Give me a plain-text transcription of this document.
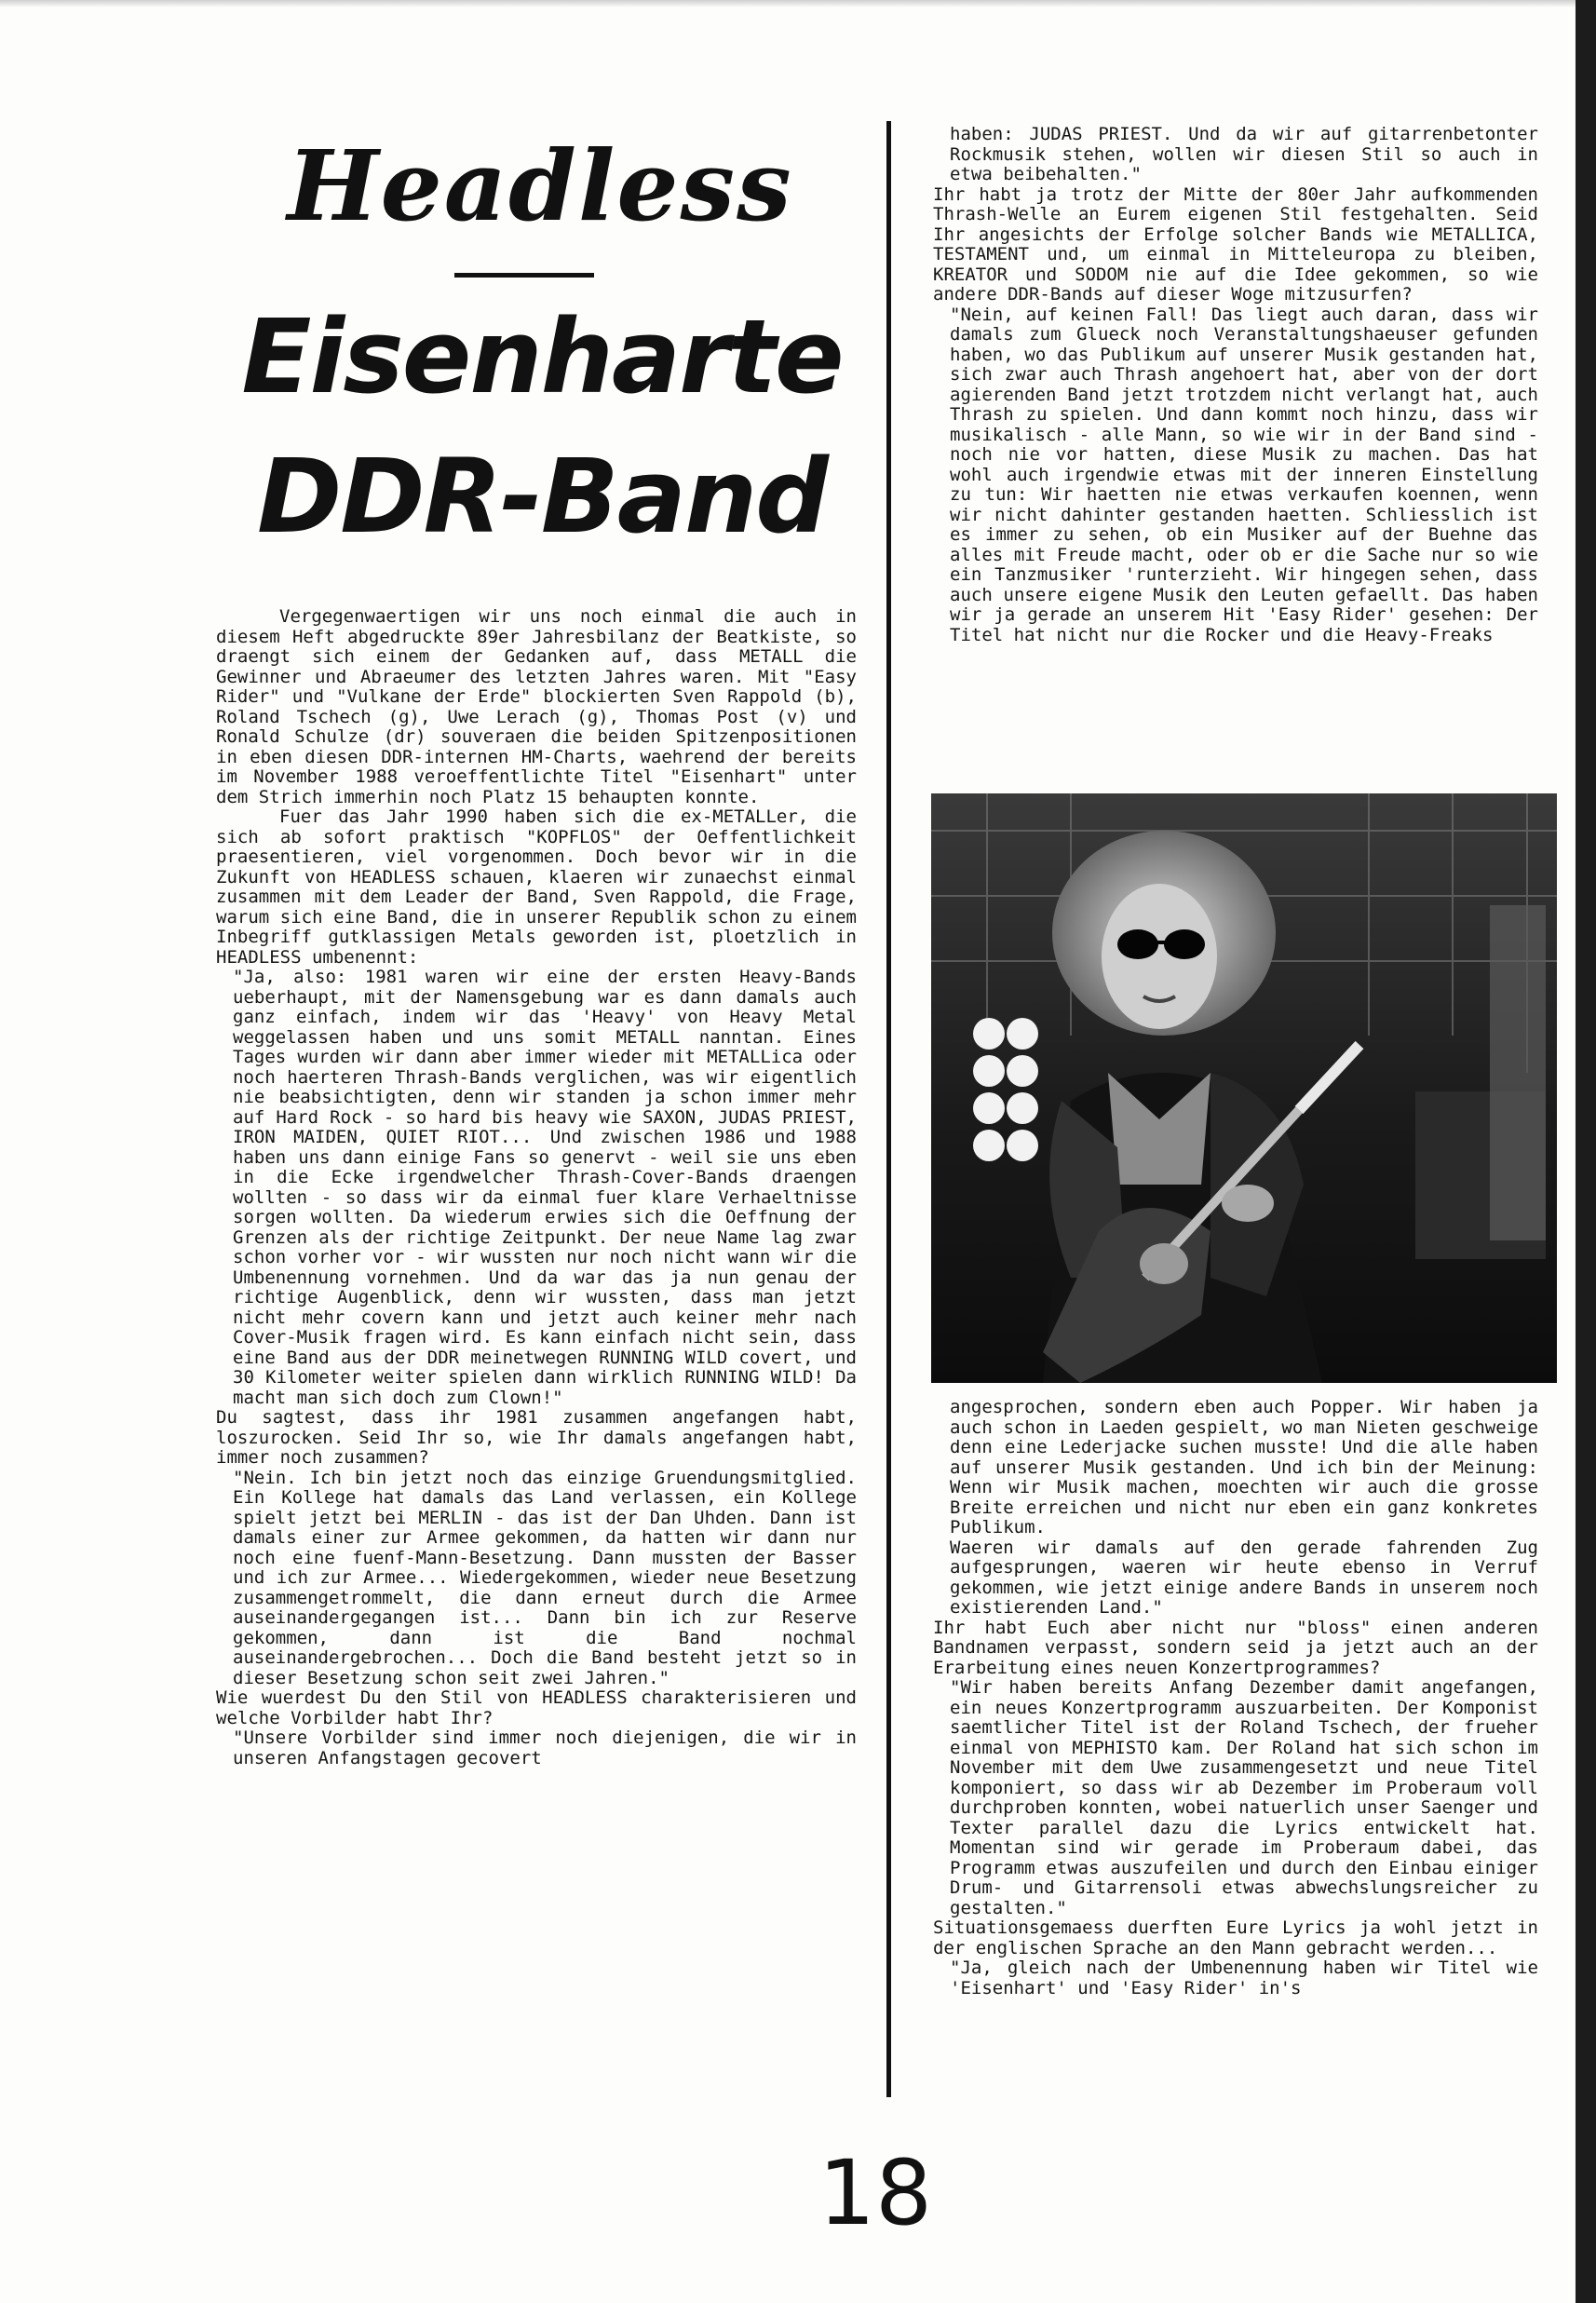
Headless
Eisenharte
DDR-Band

Vergegenwaertigen wir uns noch einmal die auch in diesem Heft abgedruckte 89er Jahresbilanz der Beatkiste, so draengt sich einem der Gedanken auf, dass METALL die Gewinner und Abraeumer des letzten Jahres waren. Mit "Easy Rider" und "Vulkane der Erde" blockierten Sven Rappold (b), Roland Tschech (g), Uwe Lerach (g), Thomas Post (v) und Ronald Schulze (dr) souveraen die beiden Spitzenpositionen in eben diesen DDR-internen HM-Charts, waehrend der bereits im November 1988 veroeffentlichte Titel "Eisenhart" unter dem Strich immerhin noch Platz 15 behaupten konnte.

Fuer das Jahr 1990 haben sich die ex-METALLer, die sich ab sofort praktisch "KOPFLOS" der Oeffentlichkeit praesentieren, viel vorgenommen. Doch bevor wir in die Zukunft von HEADLESS schauen, klaeren wir zunaechst einmal zusammen mit dem Leader der Band, Sven Rappold, die Frage, warum sich eine Band, die in unserer Republik schon zu einem Inbegriff gutklassigen Metals geworden ist, ploetzlich in HEADLESS umbenennt:

"Ja, also: 1981 waren wir eine der ersten Heavy-Bands ueberhaupt, mit der Namensgebung war es dann damals auch ganz einfach, indem wir das 'Heavy' von Heavy Metal weggelassen haben und uns somit METALL nanntan. Eines Tages wurden wir dann aber immer wieder mit METALLica oder noch haerteren Thrash-Bands verglichen, was wir eigentlich nie beabsichtigten, denn wir standen ja schon immer mehr auf Hard Rock - so hard bis heavy wie SAXON, JUDAS PRIEST, IRON MAIDEN, QUIET RIOT... Und zwischen 1986 und 1988 haben uns dann einige Fans so genervt - weil sie uns eben in die Ecke irgendwelcher Thrash-Cover-Bands draengen wollten - so dass wir da einmal fuer klare Verhaeltnisse sorgen wollten. Da wiederum erwies sich die Oeffnung der Grenzen als der richtige Zeitpunkt. Der neue Name lag zwar schon vorher vor - wir wussten nur noch nicht wann wir die Umbenennung vornehmen. Und da war das ja nun genau der richtige Augenblick, denn wir wussten, dass man jetzt nicht mehr covern kann und jetzt auch keiner mehr nach Cover-Musik fragen wird. Es kann einfach nicht sein, dass eine Band aus der DDR meinetwegen RUNNING WILD covert, und 30 Kilometer weiter spielen dann wirklich RUNNING WILD! Da macht man sich doch zum Clown!"

Du sagtest, dass ihr 1981 zusammen angefangen habt, loszurocken. Seid Ihr so, wie Ihr damals angefangen habt, immer noch zusammen?

"Nein. Ich bin jetzt noch das einzige Gruendungsmitglied. Ein Kollege hat damals das Land verlassen, ein Kollege spielt jetzt bei MERLIN - das ist der Dan Uhden. Dann ist damals einer zur Armee gekommen, da hatten wir dann nur noch eine fuenf-Mann-Besetzung. Dann mussten der Basser und ich zur Armee... Wiedergekommen, wieder neue Besetzung zusammengetrommelt, die dann erneut durch die Armee auseinandergegangen ist... Dann bin ich zur Reserve gekommen, dann ist die Band nochmal auseinandergebrochen... Doch die Band besteht jetzt so in dieser Besetzung schon seit zwei Jahren."

Wie wuerdest Du den Stil von HEADLESS charakterisieren und welche Vorbilder habt Ihr?

"Unsere Vorbilder sind immer noch diejenigen, die wir in unseren Anfangstagen gecovert

haben: JUDAS PRIEST. Und da wir auf gitarrenbetonter Rockmusik stehen, wollen wir diesen Stil so auch in etwa beibehalten."

Ihr habt ja trotz der Mitte der 80er Jahr aufkommenden Thrash-Welle an Eurem eigenen Stil festgehalten. Seid Ihr angesichts der Erfolge solcher Bands wie METALLICA, TESTAMENT und, um einmal in Mitteleuropa zu bleiben, KREATOR und SODOM nie auf die Idee gekommen, so wie andere DDR-Bands auf dieser Woge mitzusurfen?

"Nein, auf keinen Fall! Das liegt auch daran, dass wir damals zum Glueck noch Veranstaltungshaeuser gefunden haben, wo das Publikum auf unserer Musik gestanden hat, sich zwar auch Thrash angehoert hat, aber von der dort agierenden Band jetzt trotzdem nicht verlangt hat, auch Thrash zu spielen. Und dann kommt noch hinzu, dass wir musikalisch - alle Mann, so wie wir in der Band sind - noch nie vor hatten, diese Musik zu machen. Das hat wohl auch irgendwie etwas mit der inneren Einstellung zu tun: Wir haetten nie etwas verkaufen koennen, wenn wir nicht dahinter gestanden haetten. Schliesslich ist es immer zu sehen, ob ein Musiker auf der Buehne das alles mit Freude macht, oder ob er die Sache nur so wie ein Tanzmusiker 'runterzieht. Wir hingegen sehen, dass auch unsere eigene Musik den Leuten gefaellt. Das haben wir ja gerade an unserem Hit 'Easy Rider' gesehen: Der Titel hat nicht nur die Rocker und die Heavy-Freaks

angesprochen, sondern eben auch Popper. Wir haben ja auch schon in Laeden gespielt, wo man Nieten geschweige denn eine Lederjacke suchen musste! Und die alle haben auf unserer Musik gestanden. Und ich bin der Meinung: Wenn wir Musik machen, moechten wir auch die grosse Breite erreichen und nicht nur eben ein ganz konkretes Publikum.

Waeren wir damals auf den gerade fahrenden Zug aufgesprungen, waeren wir heute ebenso in Verruf gekommen, wie jetzt einige andere Bands in unserem noch existierenden Land."

Ihr habt Euch aber nicht nur "bloss" einen anderen Bandnamen verpasst, sondern seid ja jetzt auch an der Erarbeitung eines neuen Konzertprogrammes?

"Wir haben bereits Anfang Dezember damit angefangen, ein neues Konzertprogramm auszuarbeiten. Der Komponist saemtlicher Titel ist der Roland Tschech, der frueher einmal von MEPHISTO kam. Der Roland hat sich schon im November mit dem Uwe zusammengesetzt und neue Titel komponiert, so dass wir ab Dezember im Proberaum voll durchproben konnten, wobei natuerlich unser Saenger und Texter parallel dazu die Lyrics entwickelt hat. Momentan sind wir gerade im Proberaum dabei, das Programm etwas auszufeilen und durch den Einbau einiger Drum- und Gitarrensoli etwas abwechslungsreicher zu gestalten."

Situationsgemaess duerften Eure Lyrics ja wohl jetzt in der englischen Sprache an den Mann gebracht werden...

"Ja, gleich nach der Umbenennung haben wir Titel wie 'Eisenhart' und 'Easy Rider' in's

18
